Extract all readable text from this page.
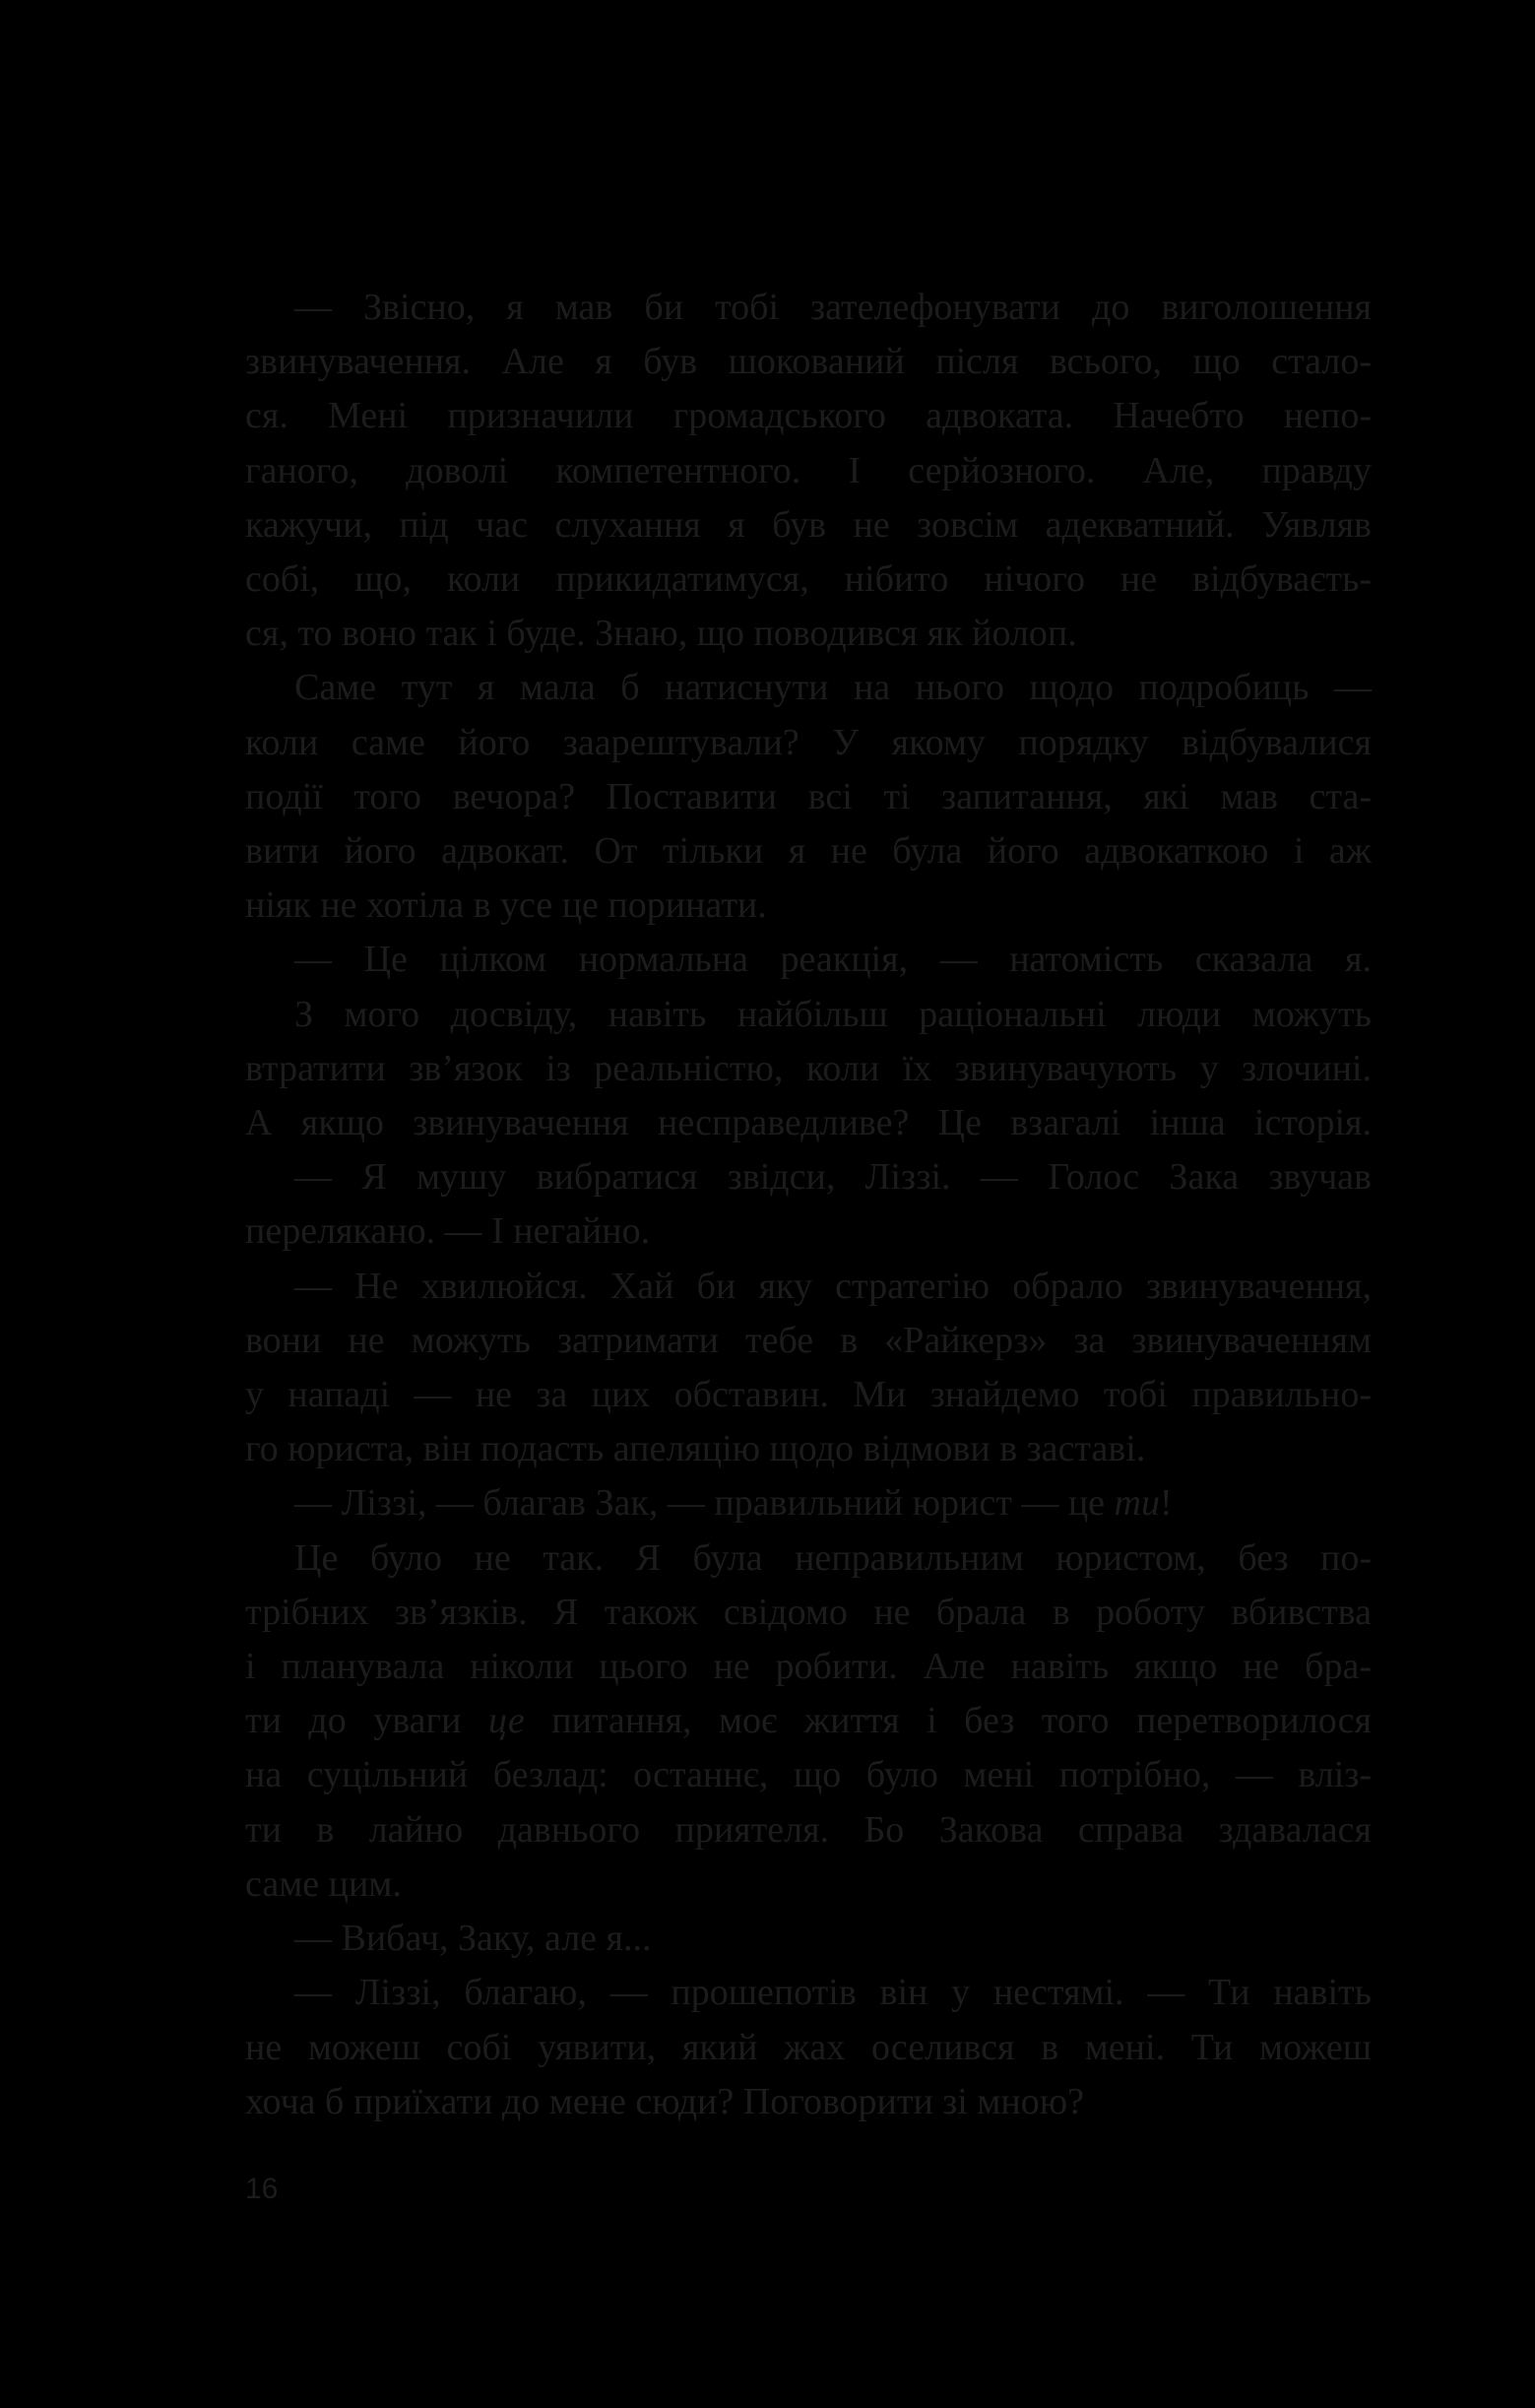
— Звісно, я мав би тобі зателефонувати до виголошення
звинувачення. Але я був шокований після всього, що стало-
ся. Мені призначили громадського адвоката. Начебто непо-
ганого, доволі компетентного. І серйозного. Але, правду
кажучи, під час слухання я був не зовсім адекватний. Уявляв
собі, що, коли прикидатимуся, нібито нічого не відбуваєть-
ся, то воно так і буде. Знаю, що поводився як йолоп.
Саме тут я мала б натиснути на нього щодо подробиць —
коли саме його заарештували? У якому порядку відбувалися
події того вечора? Поставити всі ті запитання, які мав ста-
вити його адвокат. От тільки я не була його адвокаткою і аж
ніяк не хотіла в усе це поринати.
— Це цілком нормальна реакція, — натомість сказала я.
З мого досвіду, навіть найбільш раціональні люди можуть
втратити зв’язок із реальністю, коли їх звинувачують у злочині.
А якщо звинувачення несправедливе? Це взагалі інша історія.
— Я мушу вибратися звідси, Ліззі. — Голос Зака звучав
перелякано. — І негайно.
— Не хвилюйся. Хай би яку стратегію обрало звинувачення,
вони не можуть затримати тебе в «Райкерз» за звинуваченням
у нападі — не за цих обставин. Ми знайдемо тобі правильно-
го юриста, він подасть апеляцію щодо відмови в заставі.
— Ліззі, — благав Зак, — правильний юрист — це ти!
Це було не так. Я була неправильним юристом, без по-
трібних зв’язків. Я також свідомо не брала в роботу вбивства
і планувала ніколи цього не робити. Але навіть якщо не бра-
ти до уваги це питання, моє життя і без того перетворилося
на суцільний безлад: останнє, що було мені потрібно, — вліз-
ти в лайно давнього приятеля. Бо Закова справа здавалася
саме цим.
— Вибач, Заку, але я...
— Ліззі, благаю, — прошепотів він у нестямі. — Ти навіть
не можеш собі уявити, який жах оселився в мені. Ти можеш
хоча б приїхати до мене сюди? Поговорити зі мною?
16
